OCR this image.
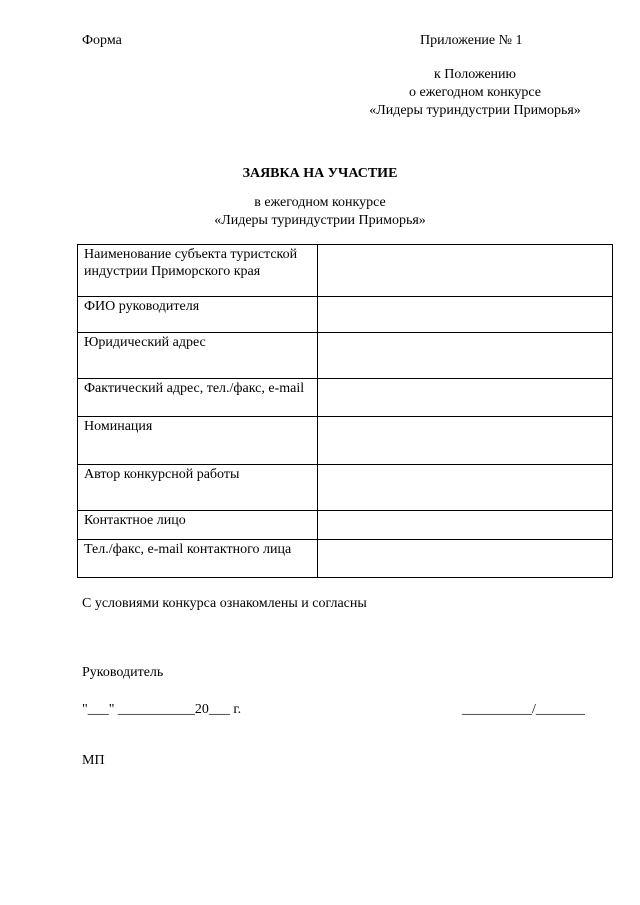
Форма	Приложение № 1
к Положению
о ежегодном конкурсе
«Лидеры туриндустрии Приморья»
ЗАЯВКА НА УЧАСТИЕ
в ежегодном конкурсе
«Лидеры туриндустрии Приморья»
Наименование субъекта туристской индустрии Приморского края	
ФИО руководителя	
Юридический адрес	
Фактический адрес, тел./факс, e-mail	
Номинация	
Автор конкурсной работы	
Контактное лицо	
Тел./факс, e-mail контактного лица	
С условиями конкурса ознакомлены и согласны
Руководитель
"___" ___________20___ г.	__________/_______
МП
